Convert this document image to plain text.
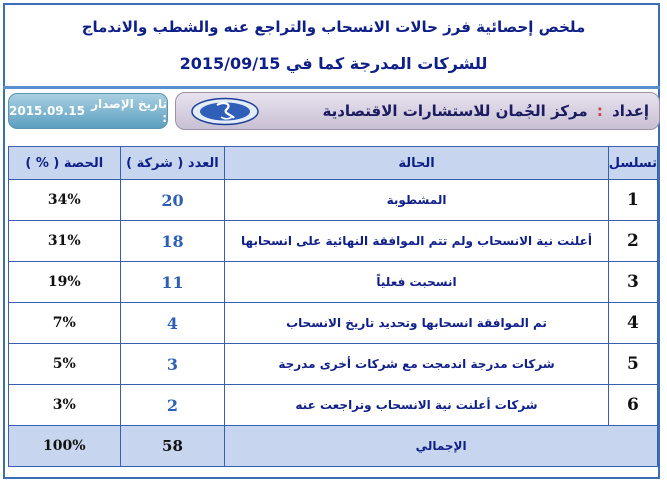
ملخص إحصائية فرز حالات الانسحاب والتراجع عنه والشطب والاندماج
للشركات المدرجة كما في 2015/09/15
تاريخ الإصدار :
2015.09.15	إعداد : مركز الجُمان للاستشارات الاقتصادية
تسلسل	الحالة	العدد ( شركة )	الحصة ( % )
1	المشطوبة	20	34%
2	أعلنت نية الانسحاب ولم تتم الموافقة النهائية على انسحابها	18	31%
3	انسحبت فعلياً	11	19%
4	تم الموافقة انسحابها وتحديد تاريخ الانسحاب	4	7%
5	شركات مدرجة اندمجت مع شركات أخرى مدرجة	3	5%
6	شركات أعلنت نية الانسحاب وتراجعت عنه	2	3%
الإجمالي		58	100%
